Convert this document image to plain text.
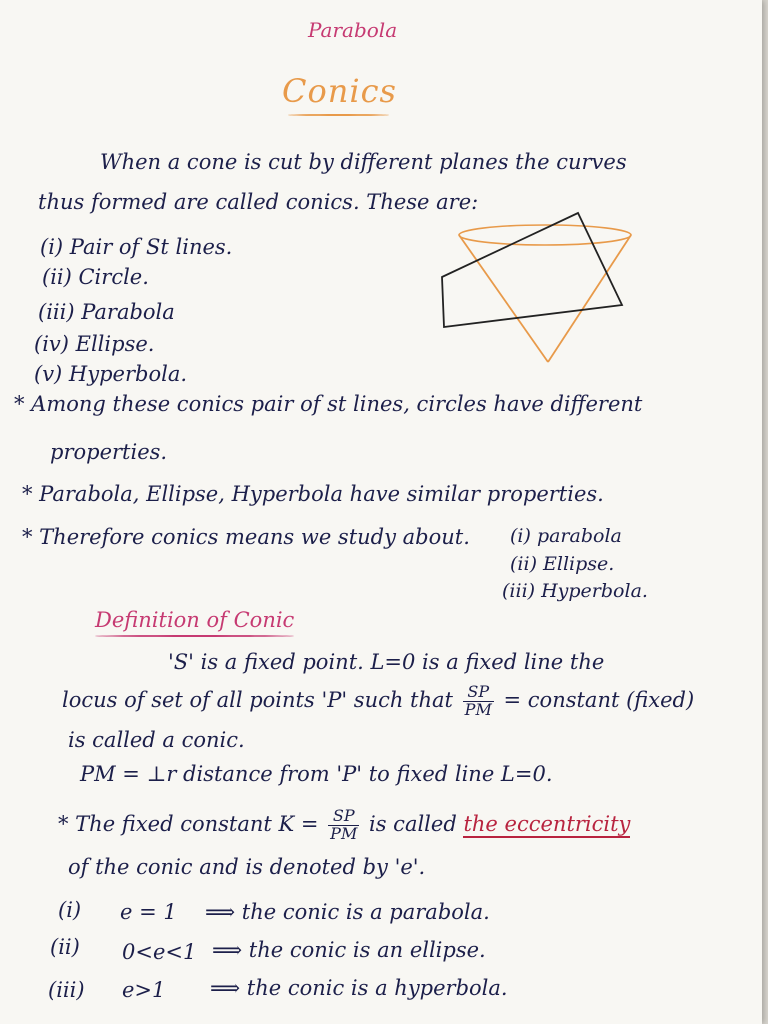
Parabola
Conics
When a cone is cut by different planes the curves
thus formed are called conics. These are:
(i) Pair of St lines.
(ii) Circle.
(iii) Parabola
(iv) Ellipse.
(v) Hyperbola.
* Among these conics pair of st lines, circles have different
properties.
* Parabola, Ellipse, Hyperbola have similar properties.
* Therefore conics means we study about. (i) parabola
(ii) Ellipse.
(iii) Hyperbola.
Definition of Conic
'S' is a fixed point. L=0 is a fixed line the
locus of set of all points 'P' such that $\frac{SP}{PM}$ = constant (fixed)
is called a conic.
PM = ⊥r distance from 'P' to fixed line L=0.
* The fixed constant $K = \frac{SP}{PM}$ is called the eccentricity
of the conic and is denoted by 'e'.
(i) e = 1 ⟹ the conic is a parabola.
(ii) 0<e<1 ⟹ the conic is an ellipse.
(iii) e>1 ⟹ the conic is a hyperbola.
